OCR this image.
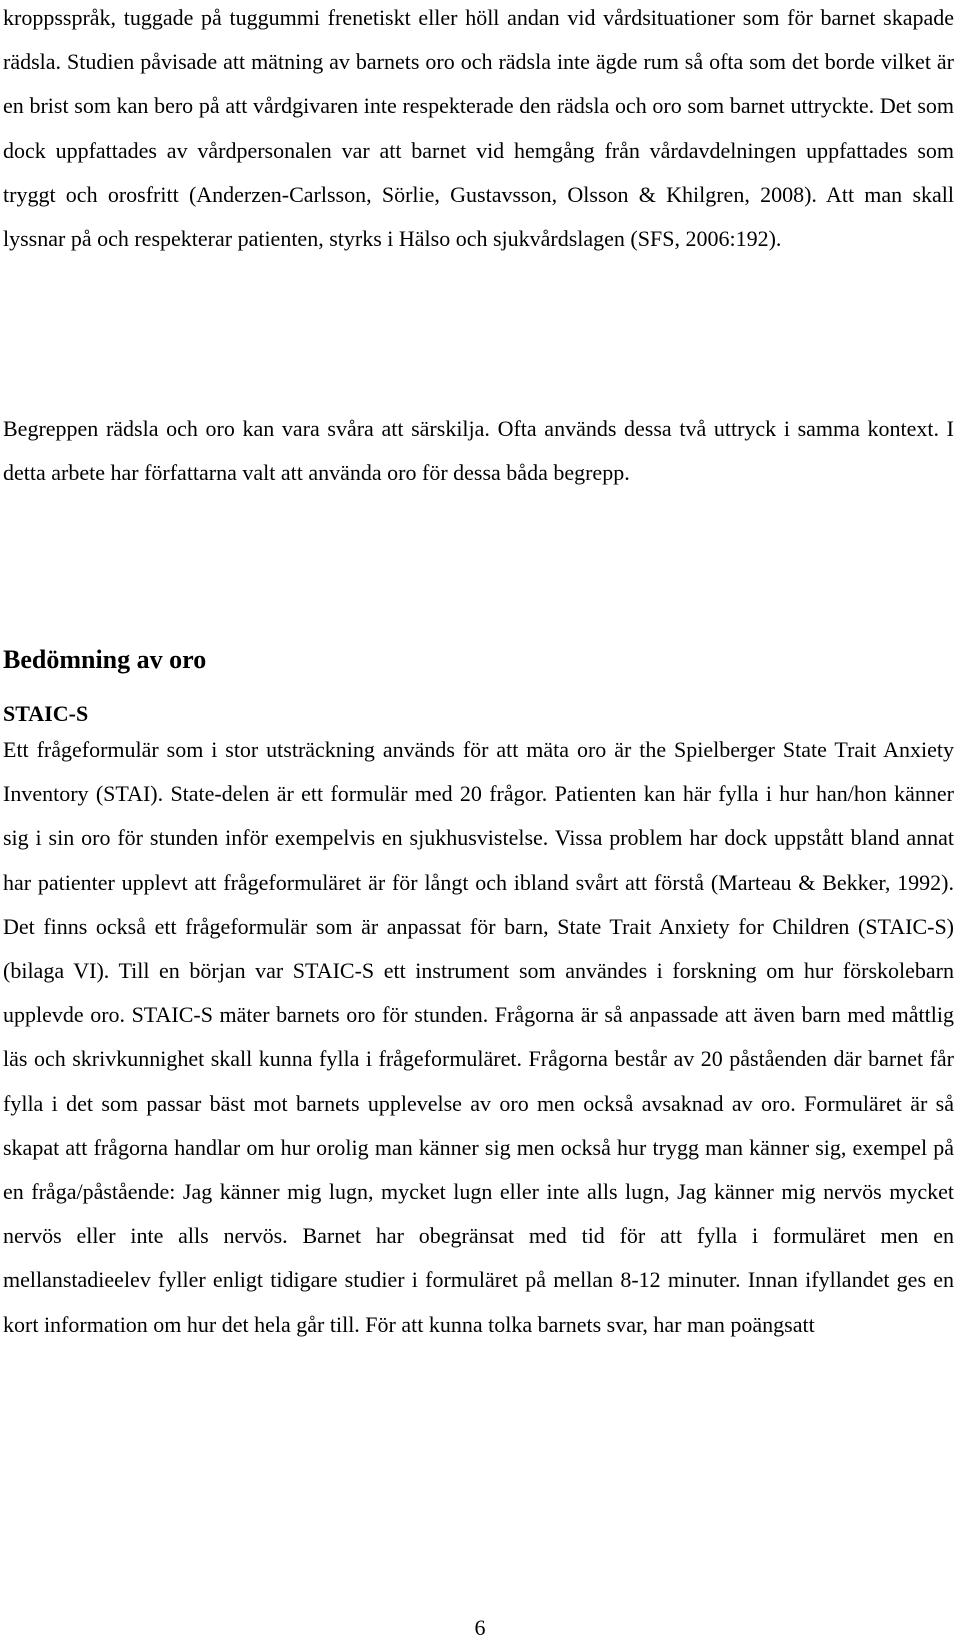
kroppsspråk, tuggade på tuggummi frenetiskt eller höll andan vid vårdsituationer som för barnet skapade rädsla. Studien påvisade att mätning av barnets oro och rädsla inte ägde rum så ofta som det borde vilket är en brist som kan bero på att vårdgivaren inte respekterade den rädsla och oro som barnet uttryckte. Det som dock uppfattades av vårdpersonalen var att barnet vid hemgång från vårdavdelningen uppfattades som tryggt och orosfritt (Anderzen-Carlsson, Sörlie, Gustavsson, Olsson & Khilgren, 2008). Att man skall lyssnar på och respekterar patienten, styrks i Hälso och sjukvårdslagen (SFS, 2006:192).

Begreppen rädsla och oro kan vara svåra att särskilja. Ofta används dessa två uttryck i samma kontext. I detta arbete har författarna valt att använda oro för dessa båda begrepp.

Bedömning av oro
STAIC-S

Ett frågeformulär som i stor utsträckning används för att mäta oro är the Spielberger State Trait Anxiety Inventory (STAI). State-delen är ett formulär med 20 frågor. Patienten kan här fylla i hur han/hon känner sig i sin oro för stunden inför exempelvis en sjukhusvistelse. Vissa problem har dock uppstått bland annat har patienter upplevt att frågeformuläret är för långt och ibland svårt att förstå (Marteau & Bekker, 1992). Det finns också ett frågeformulär som är anpassat för barn, State Trait Anxiety for Children (STAIC-S) (bilaga VI). Till en början var STAIC-S ett instrument som användes i forskning om hur förskolebarn upplevde oro. STAIC-S mäter barnets oro för stunden. Frågorna är så anpassade att även barn med måttlig läs och skrivkunnighet skall kunna fylla i frågeformuläret. Frågorna består av 20 påståenden där barnet får fylla i det som passar bäst mot barnets upplevelse av oro men också avsaknad av oro. Formuläret är så skapat att frågorna handlar om hur orolig man känner sig men också hur trygg man känner sig, exempel på en fråga/påstående: Jag känner mig lugn, mycket lugn eller inte alls lugn, Jag känner mig nervös mycket nervös eller inte alls nervös. Barnet har obegränsat med tid för att fylla i formuläret men en mellanstadieelev fyller enligt tidigare studier i formuläret på mellan 8-12 minuter. Innan ifyllandet ges en kort information om hur det hela går till. För att kunna tolka barnets svar, har man poängsatt

6
